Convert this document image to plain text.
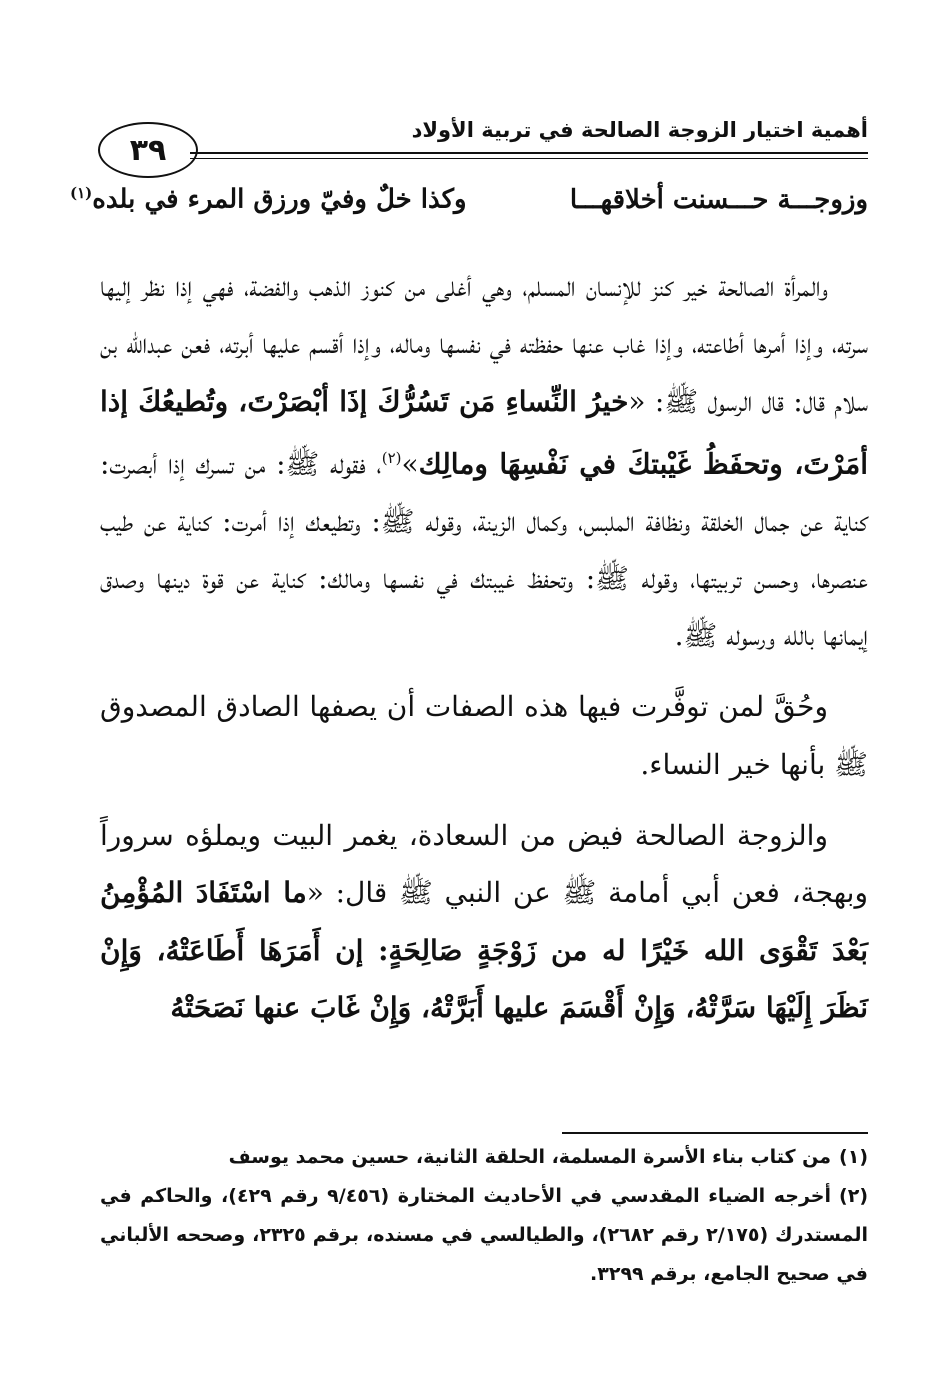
أهمية اختيار الزوجة الصالحة في تربية الأولاد
٣٩
وزوجـــة حـــسنت أخلاقهـــا
وكذا خلٌ وفيّ ورزق المرء في بلده$^{(١)}$

والمرأة الصالحة خير كنز للإنسان المسلم، وهي أغلى من كنوز الذهب والفضة، فهي إذا نظر إليها سرته، وإذا أمرها أطاعته، وإذا غاب عنها حفظته في نفسها وماله، وإذا أقسم عليها أبرته، فعن عبدالله بن سلام قال: قال الرسول ﷺ: «خيرُ النِّساءِ مَن تَسُرُّكَ إذَا أبْصَرْتَ، وتُطيعُكَ إذا أمَرْتَ، وتحفَظُ غَيْبتكَ في نَفْسِهَا ومالِك»$^{(٢)}$، فقوله ﷺ: من تسرك إذا أبصرت: كناية عن جمال الخلقة ونظافة الملبس، وكمال الزينة، وقوله ﷺ: وتطيعك إذا أمرت: كناية عن طيب عنصرها، وحسن تربيتها، وقوله ﷺ: وتحفظ غيبتك في نفسها ومالك: كناية عن قوة دينها وصدق إيمانها بالله ورسوله ﷺ.

وحُقَّ لمن توفَّرت فيها هذه الصفات أن يصفها الصادق المصدوق ﷺ بأنها خير النساء.

والزوجة الصالحة فيض من السعادة، يغمر البيت ويملؤه سروراً وبهجة، فعن أبي أمامة ﷺ عن النبي ﷺ قال: «ما اسْتَفَادَ المُؤْمِنُ بَعْدَ تَقْوَى الله خَيْرًا له من زَوْجَةٍ صَالِحَةٍ: إن أَمَرَهَا أَطَاعَتْهُ، وَإِنْ نَظَرَ إِلَيْهَا سَرَّتْهُ، وَإِنْ أَقْسَمَ عليها أَبَرَّتْهُ، وَإِنْ غَابَ عنها نَصَحَتْهُ

(١)من كتاب بناء الأسرة المسلمة، الحلقة الثانية، حسين محمد يوسف

(٢)أخرجه الضياء المقدسي في الأحاديث المختارة (٩/٤٥٦ رقم ٤٢٩)، والحاكم في المستدرك (٢/١٧٥ رقم ٢٦٨٢)، والطيالسي في مسنده، برقم ٢٣٢٥، وصححه الألباني في صحيح الجامع، برقم ٣٢٩٩.
